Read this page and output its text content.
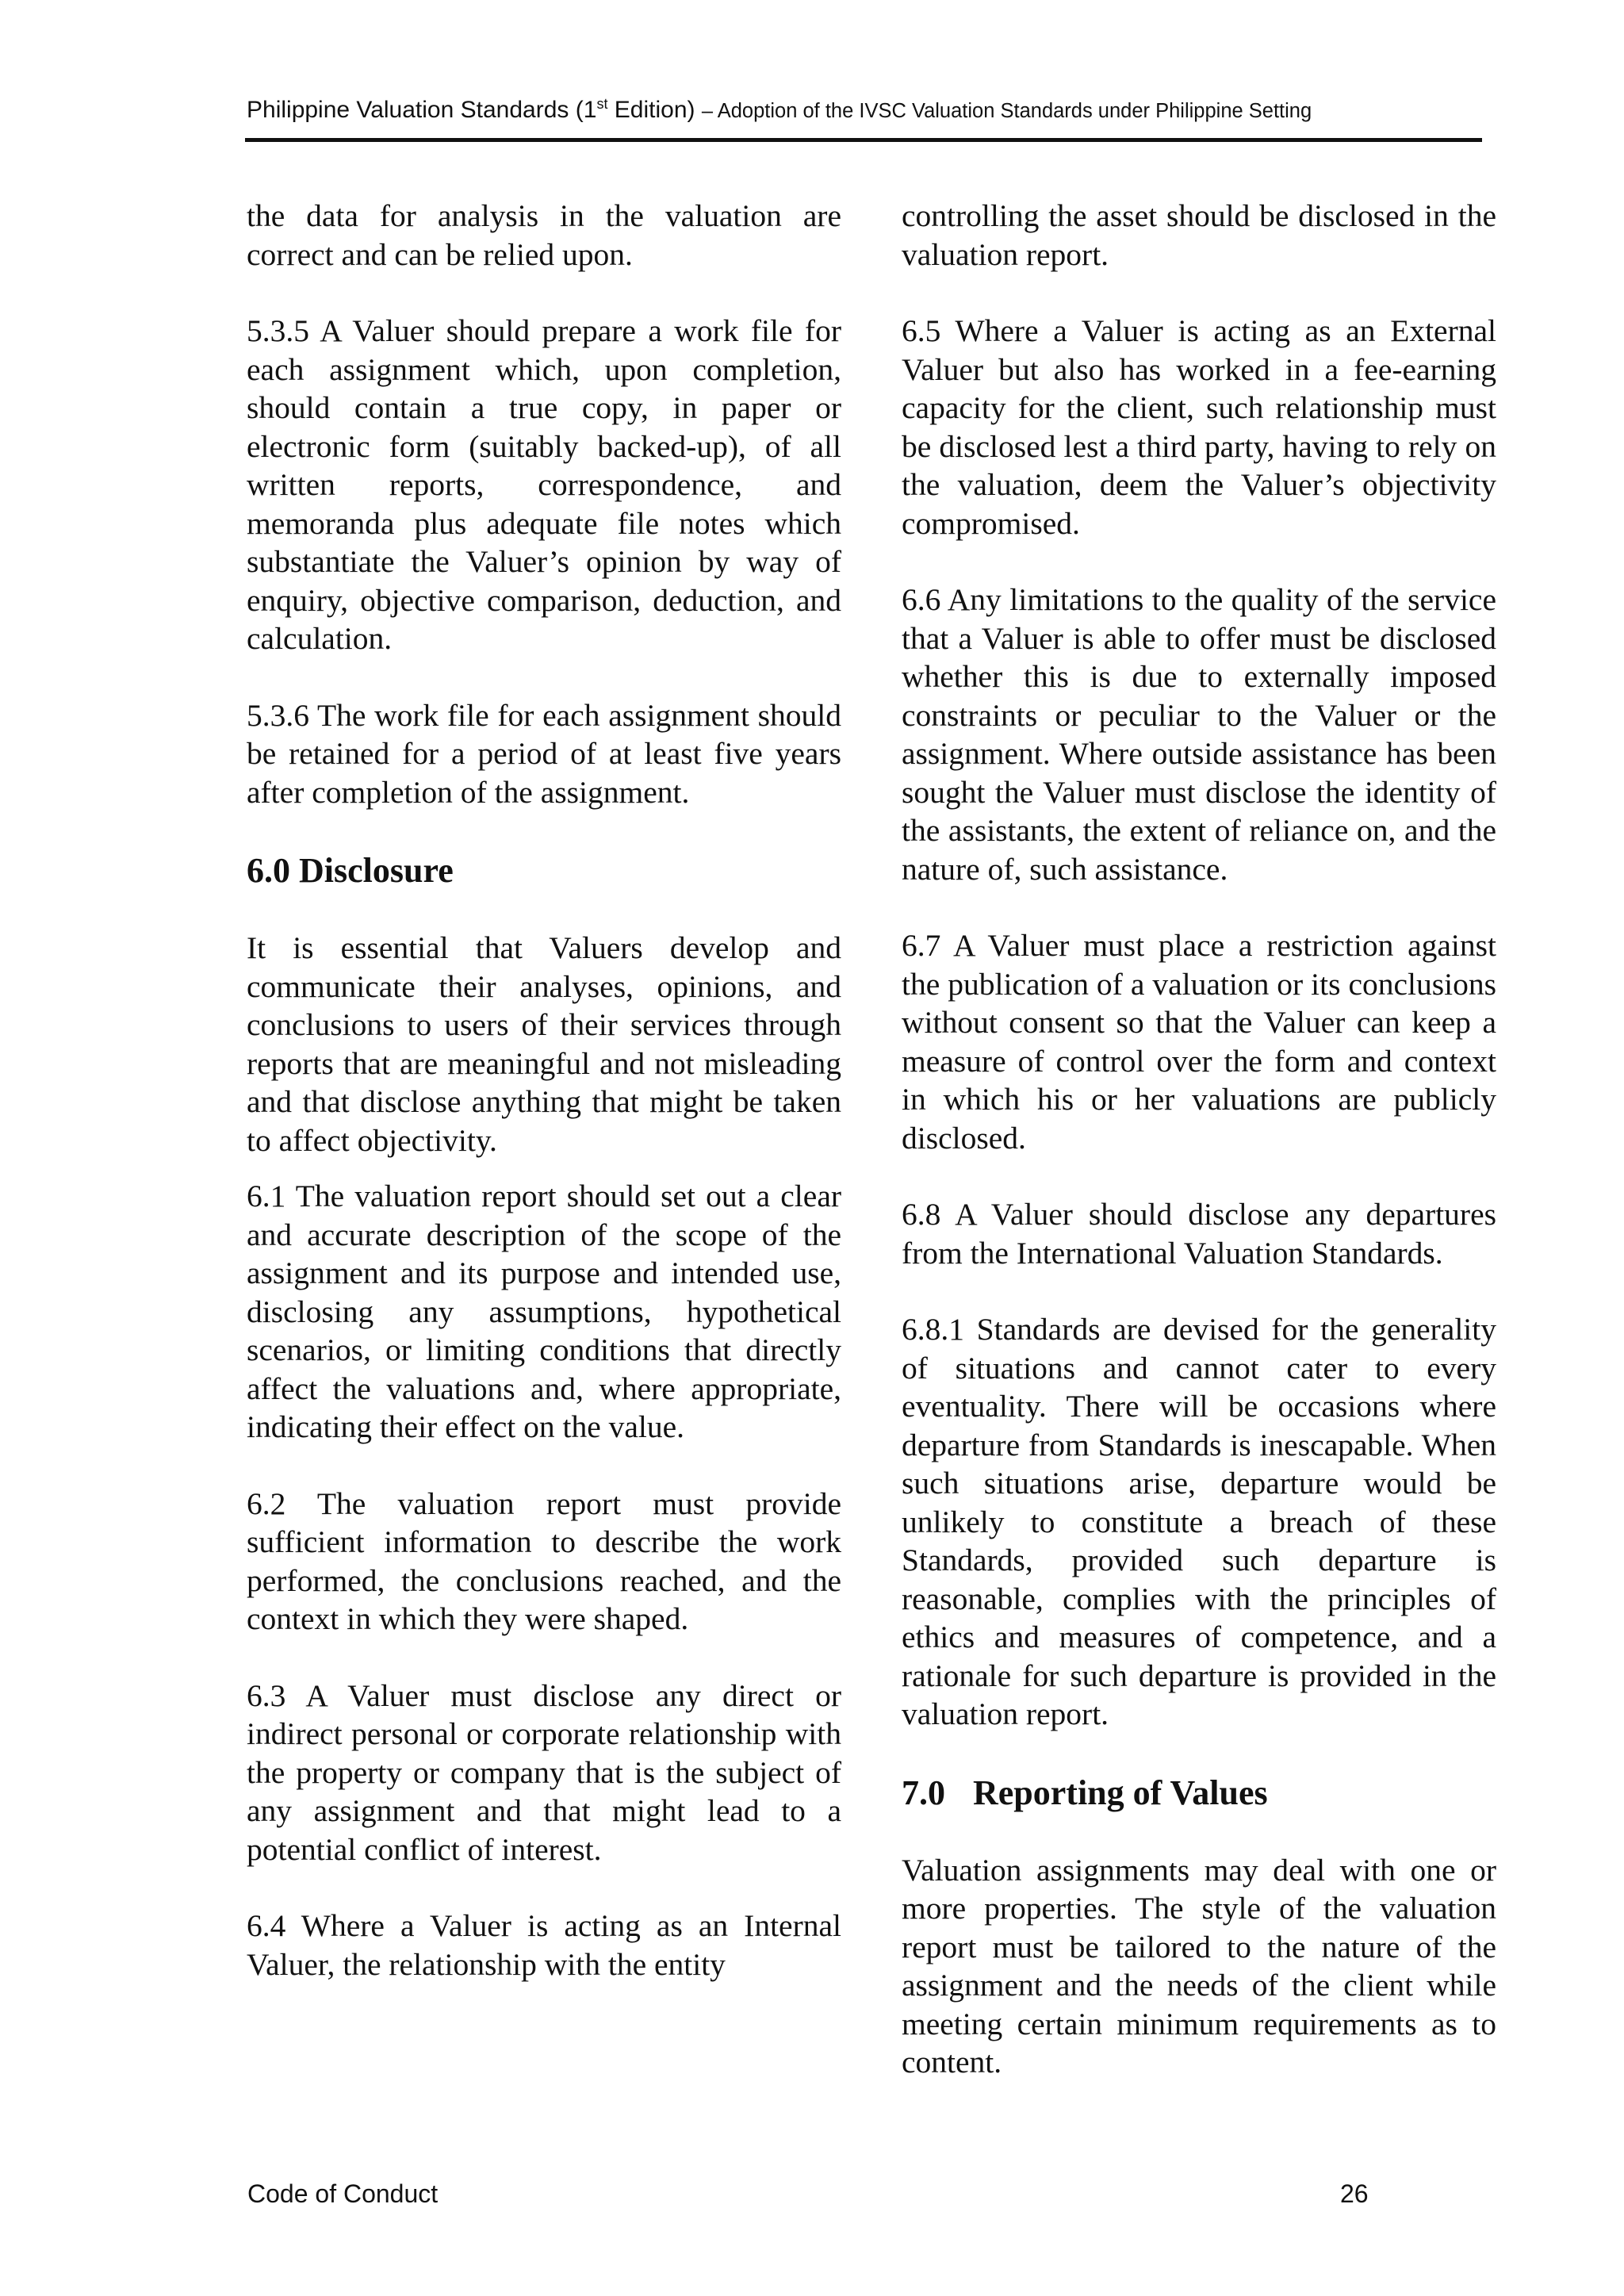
Philippine Valuation Standards (1st Edition) – Adoption of the IVSC Valuation Standards under Philippine Setting

the data for analysis in the valuation are correct and can be relied upon.

5.3.5 A Valuer should prepare a work file for each assignment which, upon completion, should contain a true copy, in paper or electronic form (suitably backed-up), of all written reports, correspondence, and memoranda plus adequate file notes which substantiate the Valuer’s opinion by way of enquiry, objective comparison, deduction, and calculation.

5.3.6 The work file for each assignment should be retained for a period of at least five years after completion of the assignment.

6.0 Disclosure

It is essential that Valuers develop and communicate their analyses, opinions, and conclusions to users of their services through reports that are meaningful and not misleading and that disclose anything that might be taken to affect objectivity.

6.1 The valuation report should set out a clear and accurate description of the scope of the assignment and its purpose and intended use, disclosing any assumptions, hypothetical scenarios, or limiting conditions that directly affect the valuations and, where appropriate, indicating their effect on the value.

6.2 The valuation report must provide sufficient information to describe the work performed, the conclusions reached, and the context in which they were shaped.

6.3 A Valuer must disclose any direct or indirect personal or corporate relationship with the property or company that is the subject of any assignment and that might lead to a potential conflict of interest.

6.4 Where a Valuer is acting as an Internal Valuer, the relationship with the entity

controlling the asset should be disclosed in the valuation report.

6.5 Where a Valuer is acting as an External Valuer but also has worked in a fee-earning capacity for the client, such relationship must be disclosed lest a third party, having to rely on the valuation, deem the Valuer’s objectivity compromised.

6.6 Any limitations to the quality of the service that a Valuer is able to offer must be disclosed whether this is due to externally imposed constraints or peculiar to the Valuer or the assignment. Where outside assistance has been sought the Valuer must disclose the identity of the assistants, the extent of reliance on, and the nature of, such assistance.

6.7 A Valuer must place a restriction against the publication of a valuation or its conclusions without consent so that the Valuer can keep a measure of control over the form and context in which his or her valuations are publicly disclosed.

6.8 A Valuer should disclose any departures from the International Valuation Standards.

6.8.1 Standards are devised for the generality of situations and cannot cater to every eventuality. There will be occasions where departure from Standards is inescapable. When such situations arise, departure would be unlikely to constitute a breach of these Standards, provided such departure is reasonable, complies with the principles of ethics and measures of competence, and a rationale for such departure is provided in the valuation report.

7.0 Reporting of Values

Valuation assignments may deal with one or more properties. The style of the valuation report must be tailored to the nature of the assignment and the needs of the client while meeting certain minimum requirements as to content.

Code of Conduct	26
